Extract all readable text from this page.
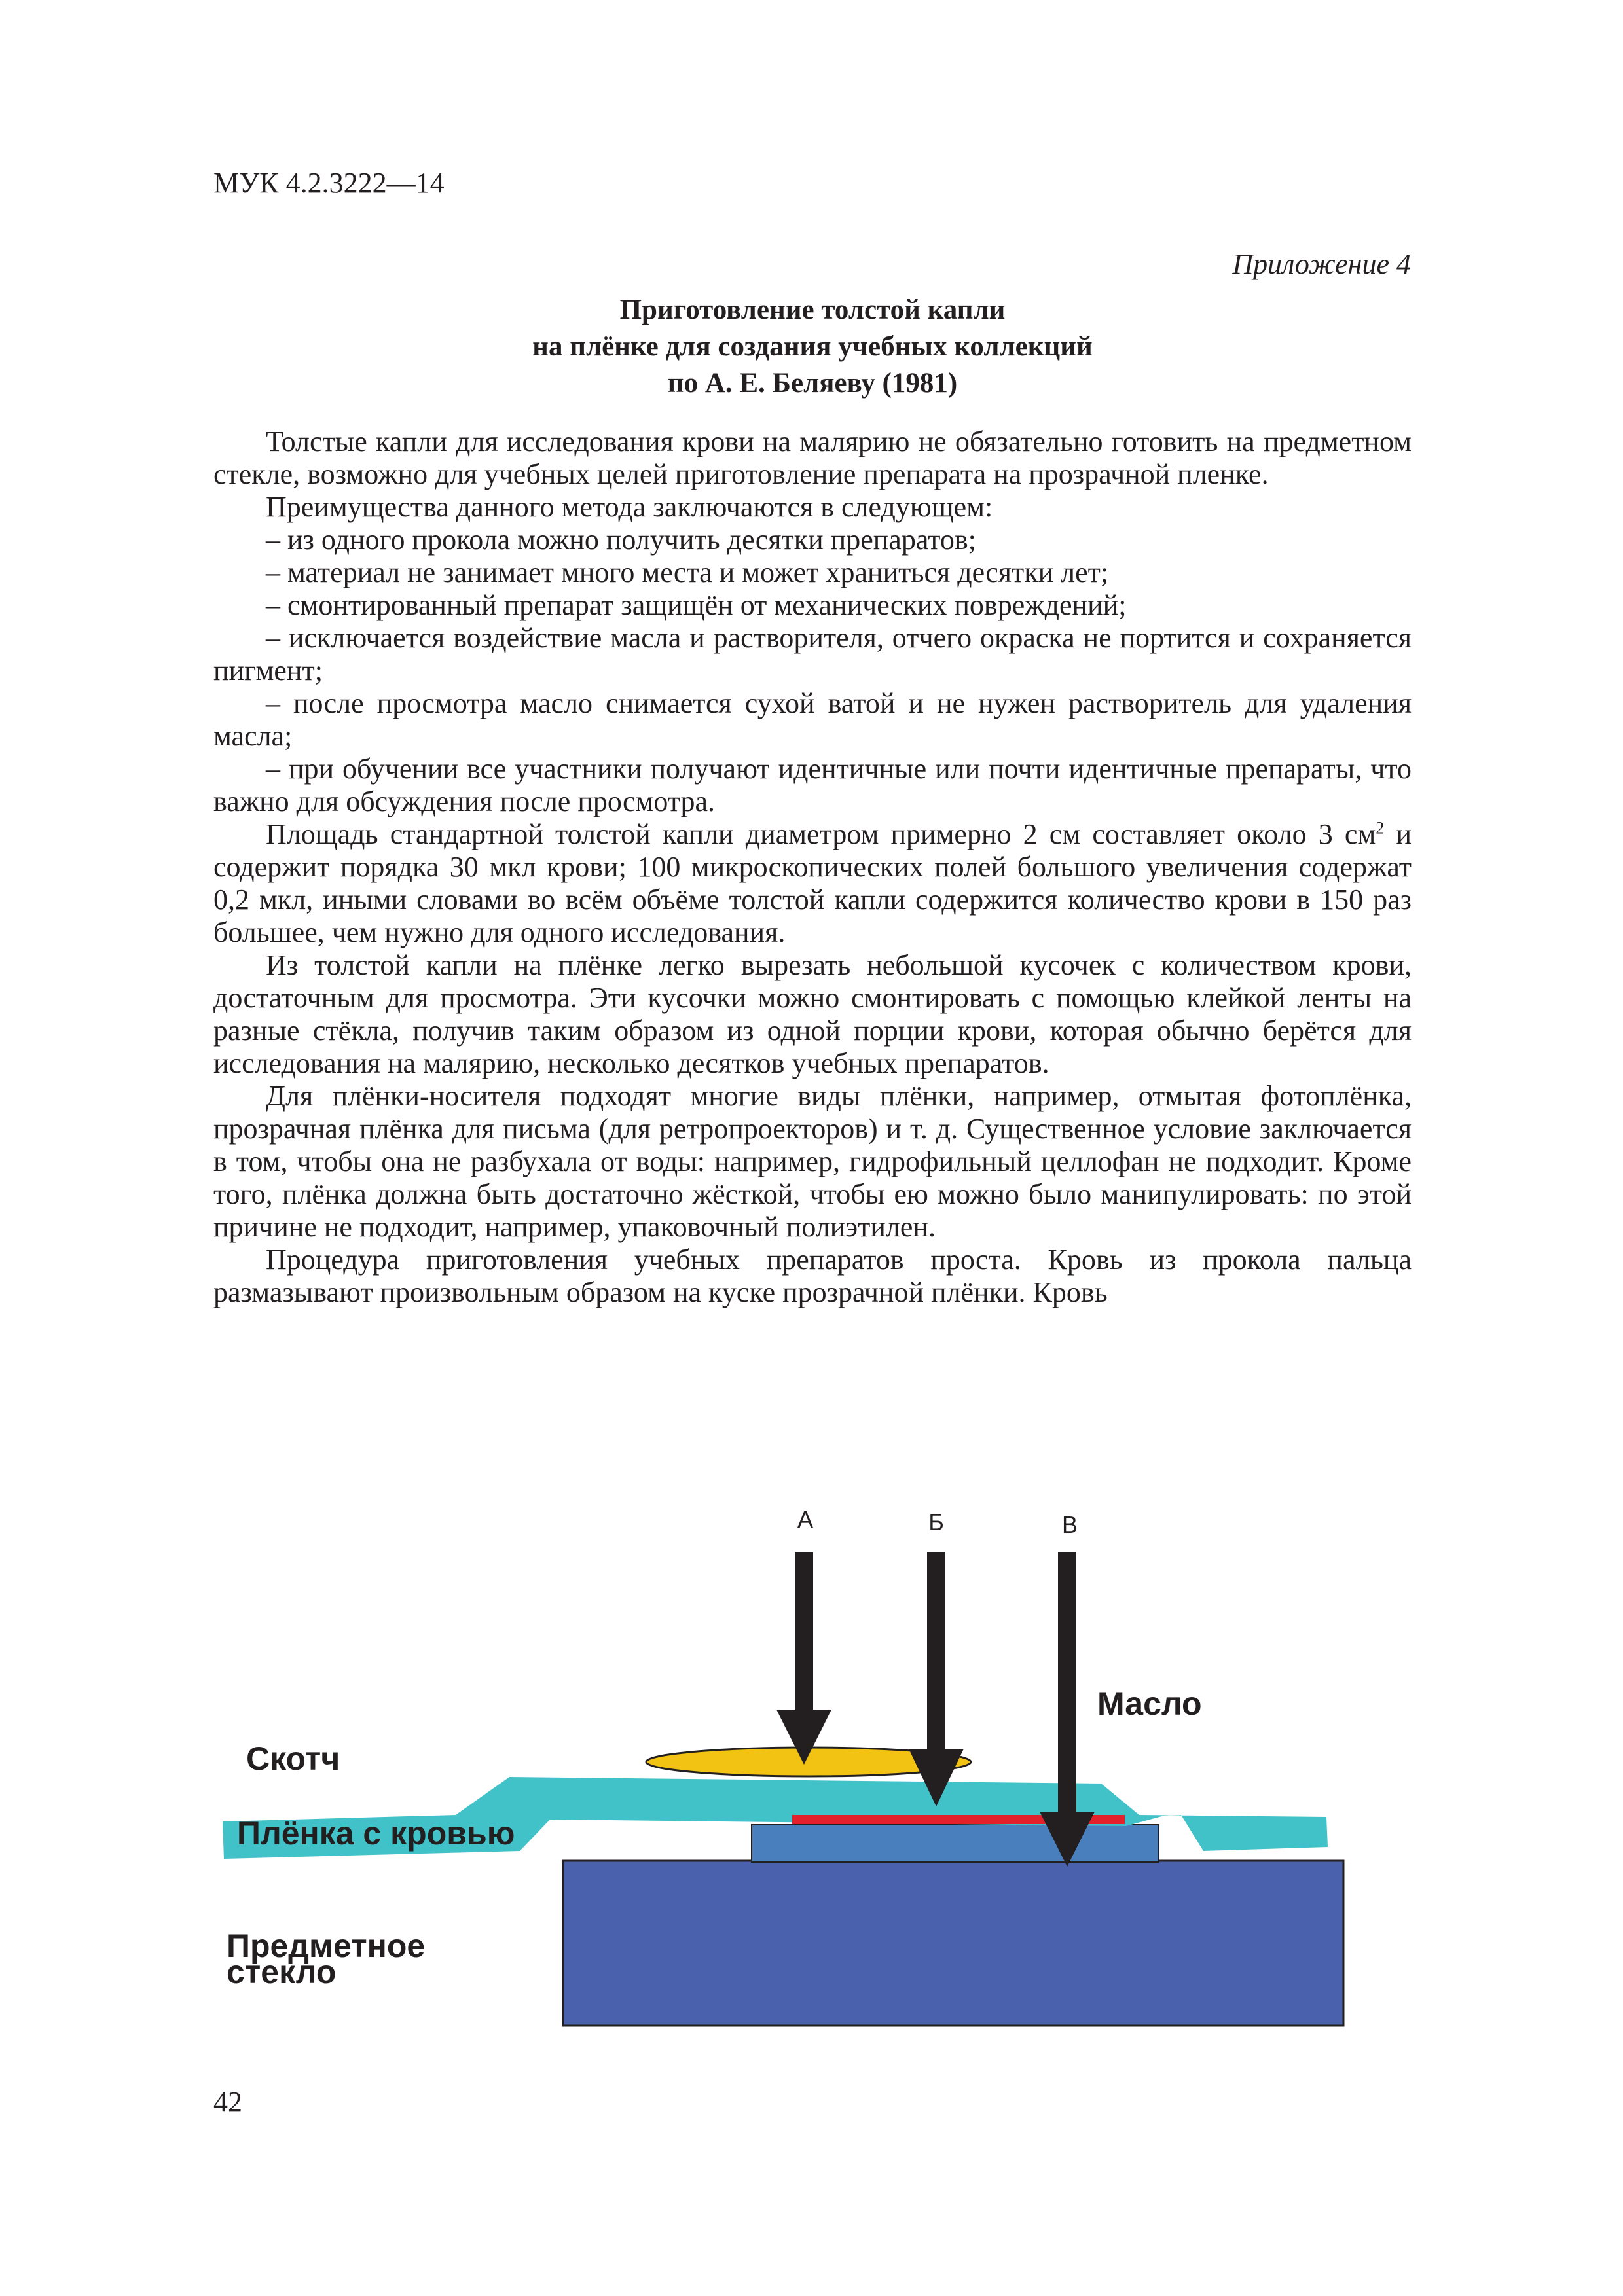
МУК 4.2.3222—14
Приложение 4
Приготовление толстой капли
на плёнке для создания учебных коллекций
по А. Е. Беляеву (1981)

Толстые капли для исследования крови на малярию не обязательно готовить на предметном стекле, возможно для учебных целей приготовление препарата на прозрачной пленке.

Преимущества данного метода заключаются в следующем:

– из одного прокола можно получить десятки препаратов;

– материал не занимает много места и может храниться десятки лет;

– смонтированный препарат защищён от механических повреждений;

– исключается воздействие масла и растворителя, отчего окраска не портится и сохраняется пигмент;

– после просмотра масло снимается сухой ватой и не нужен растворитель для удаления масла;

– при обучении все участники получают идентичные или почти идентичные препараты, что важно для обсуждения после просмотра.

Площадь стандартной толстой капли диаметром примерно 2 см составляет около 3 $см^2$ и содержит порядка 30 мкл крови; 100 микроскопических полей большого увеличения содержат 0,2 мкл, иными словами во всём объёме толстой капли содержится количество крови в 150 раз большее, чем нужно для одного исследования.

Из толстой капли на плёнке легко вырезать небольшой кусочек с количеством крови, достаточным для просмотра. Эти кусочки можно смонтировать с помощью клейкой ленты на разные стёкла, получив таким образом из одной порции крови, которая обычно берётся для исследования на малярию, несколько десятков учебных препаратов.

Для плёнки-носителя подходят многие виды плёнки, например, отмытая фотоплёнка, прозрачная плёнка для письма (для ретропроекторов) и т. д. Существенное условие заключается в том, чтобы она не разбухала от воды: например, гидрофильный целлофан не подходит. Кроме того, плёнка должна быть достаточно жёсткой, чтобы ею можно было манипулировать: по этой причине не подходит, например, упаковочный полиэтилен.

Процедура приготовления учебных препаратов проста. Кровь из прокола пальца размазывают произвольным образом на куске прозрачной плёнки. Кровь

А	Б	В
Масло
Скотч
Плёнка с кровью
Предметное
стекло
42
